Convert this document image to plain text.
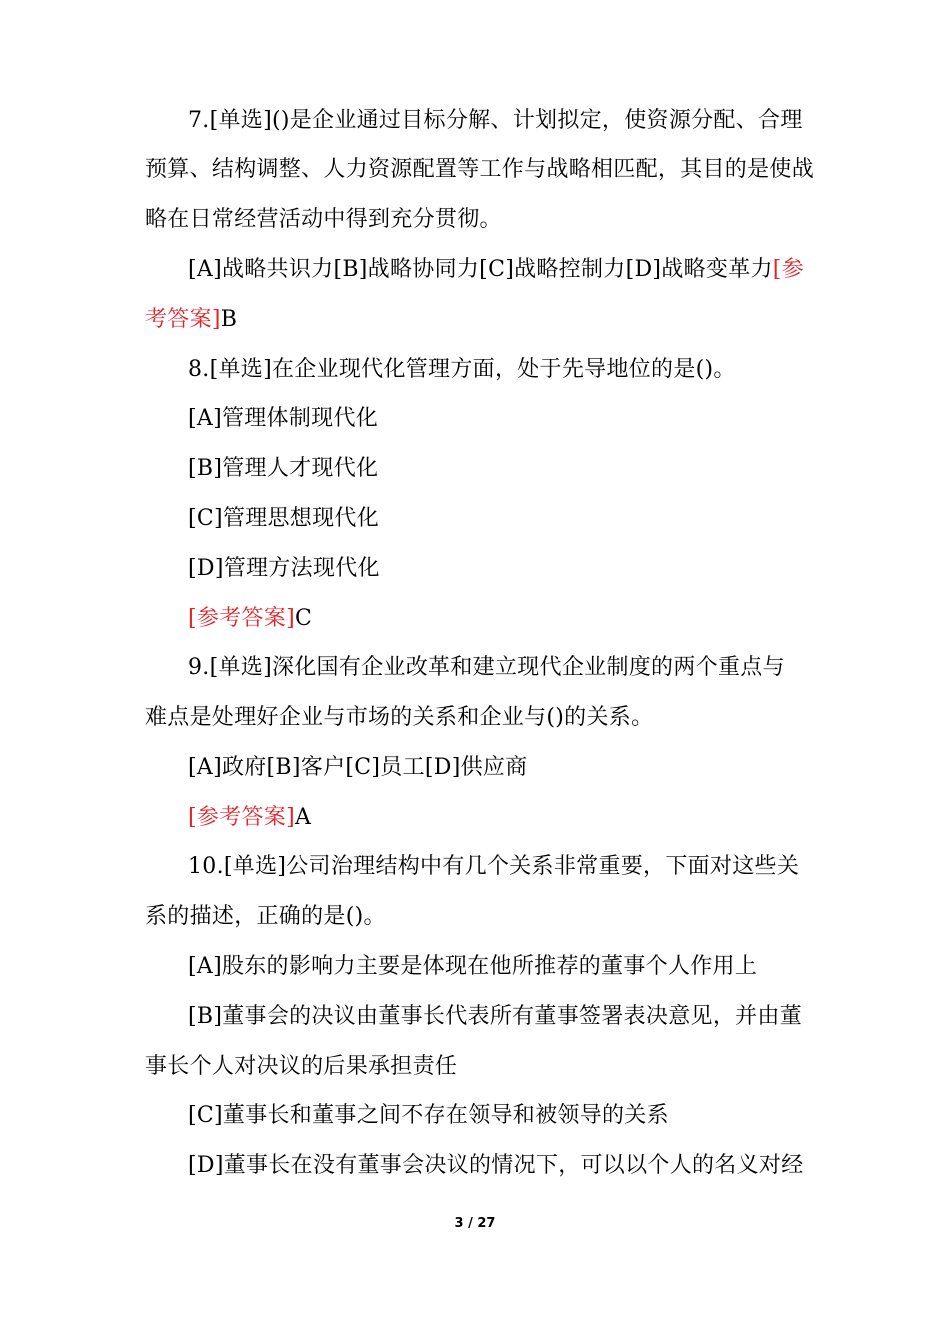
7.[单选]()是企业通过目标分解、计划拟定，使资源分配、合理
预算、结构调整、人力资源配置等工作与战略相匹配，其目的是使战
略在日常经营活动中得到充分贯彻。
[A]战略共识力[B]战略协同力[C]战略控制力[D]战略变革力[参
考答案]B
8.[单选]在企业现代化管理方面，处于先导地位的是()。
[A]管理体制现代化
[B]管理人才现代化
[C]管理思想现代化
[D]管理方法现代化
[参考答案]C
9.[单选]深化国有企业改革和建立现代企业制度的两个重点与
难点是处理好企业与市场的关系和企业与()的关系。
[A]政府[B]客户[C]员工[D]供应商
[参考答案]A
10.[单选]公司治理结构中有几个关系非常重要，下面对这些关
系的描述，正确的是()。
[A]股东的影响力主要是体现在他所推荐的董事个人作用上
[B]董事会的决议由董事长代表所有董事签署表决意见，并由董
事长个人对决议的后果承担责任
[C]董事长和董事之间不存在领导和被领导的关系
[D]董事长在没有董事会决议的情况下，可以以个人的名义对经
3 / 27
